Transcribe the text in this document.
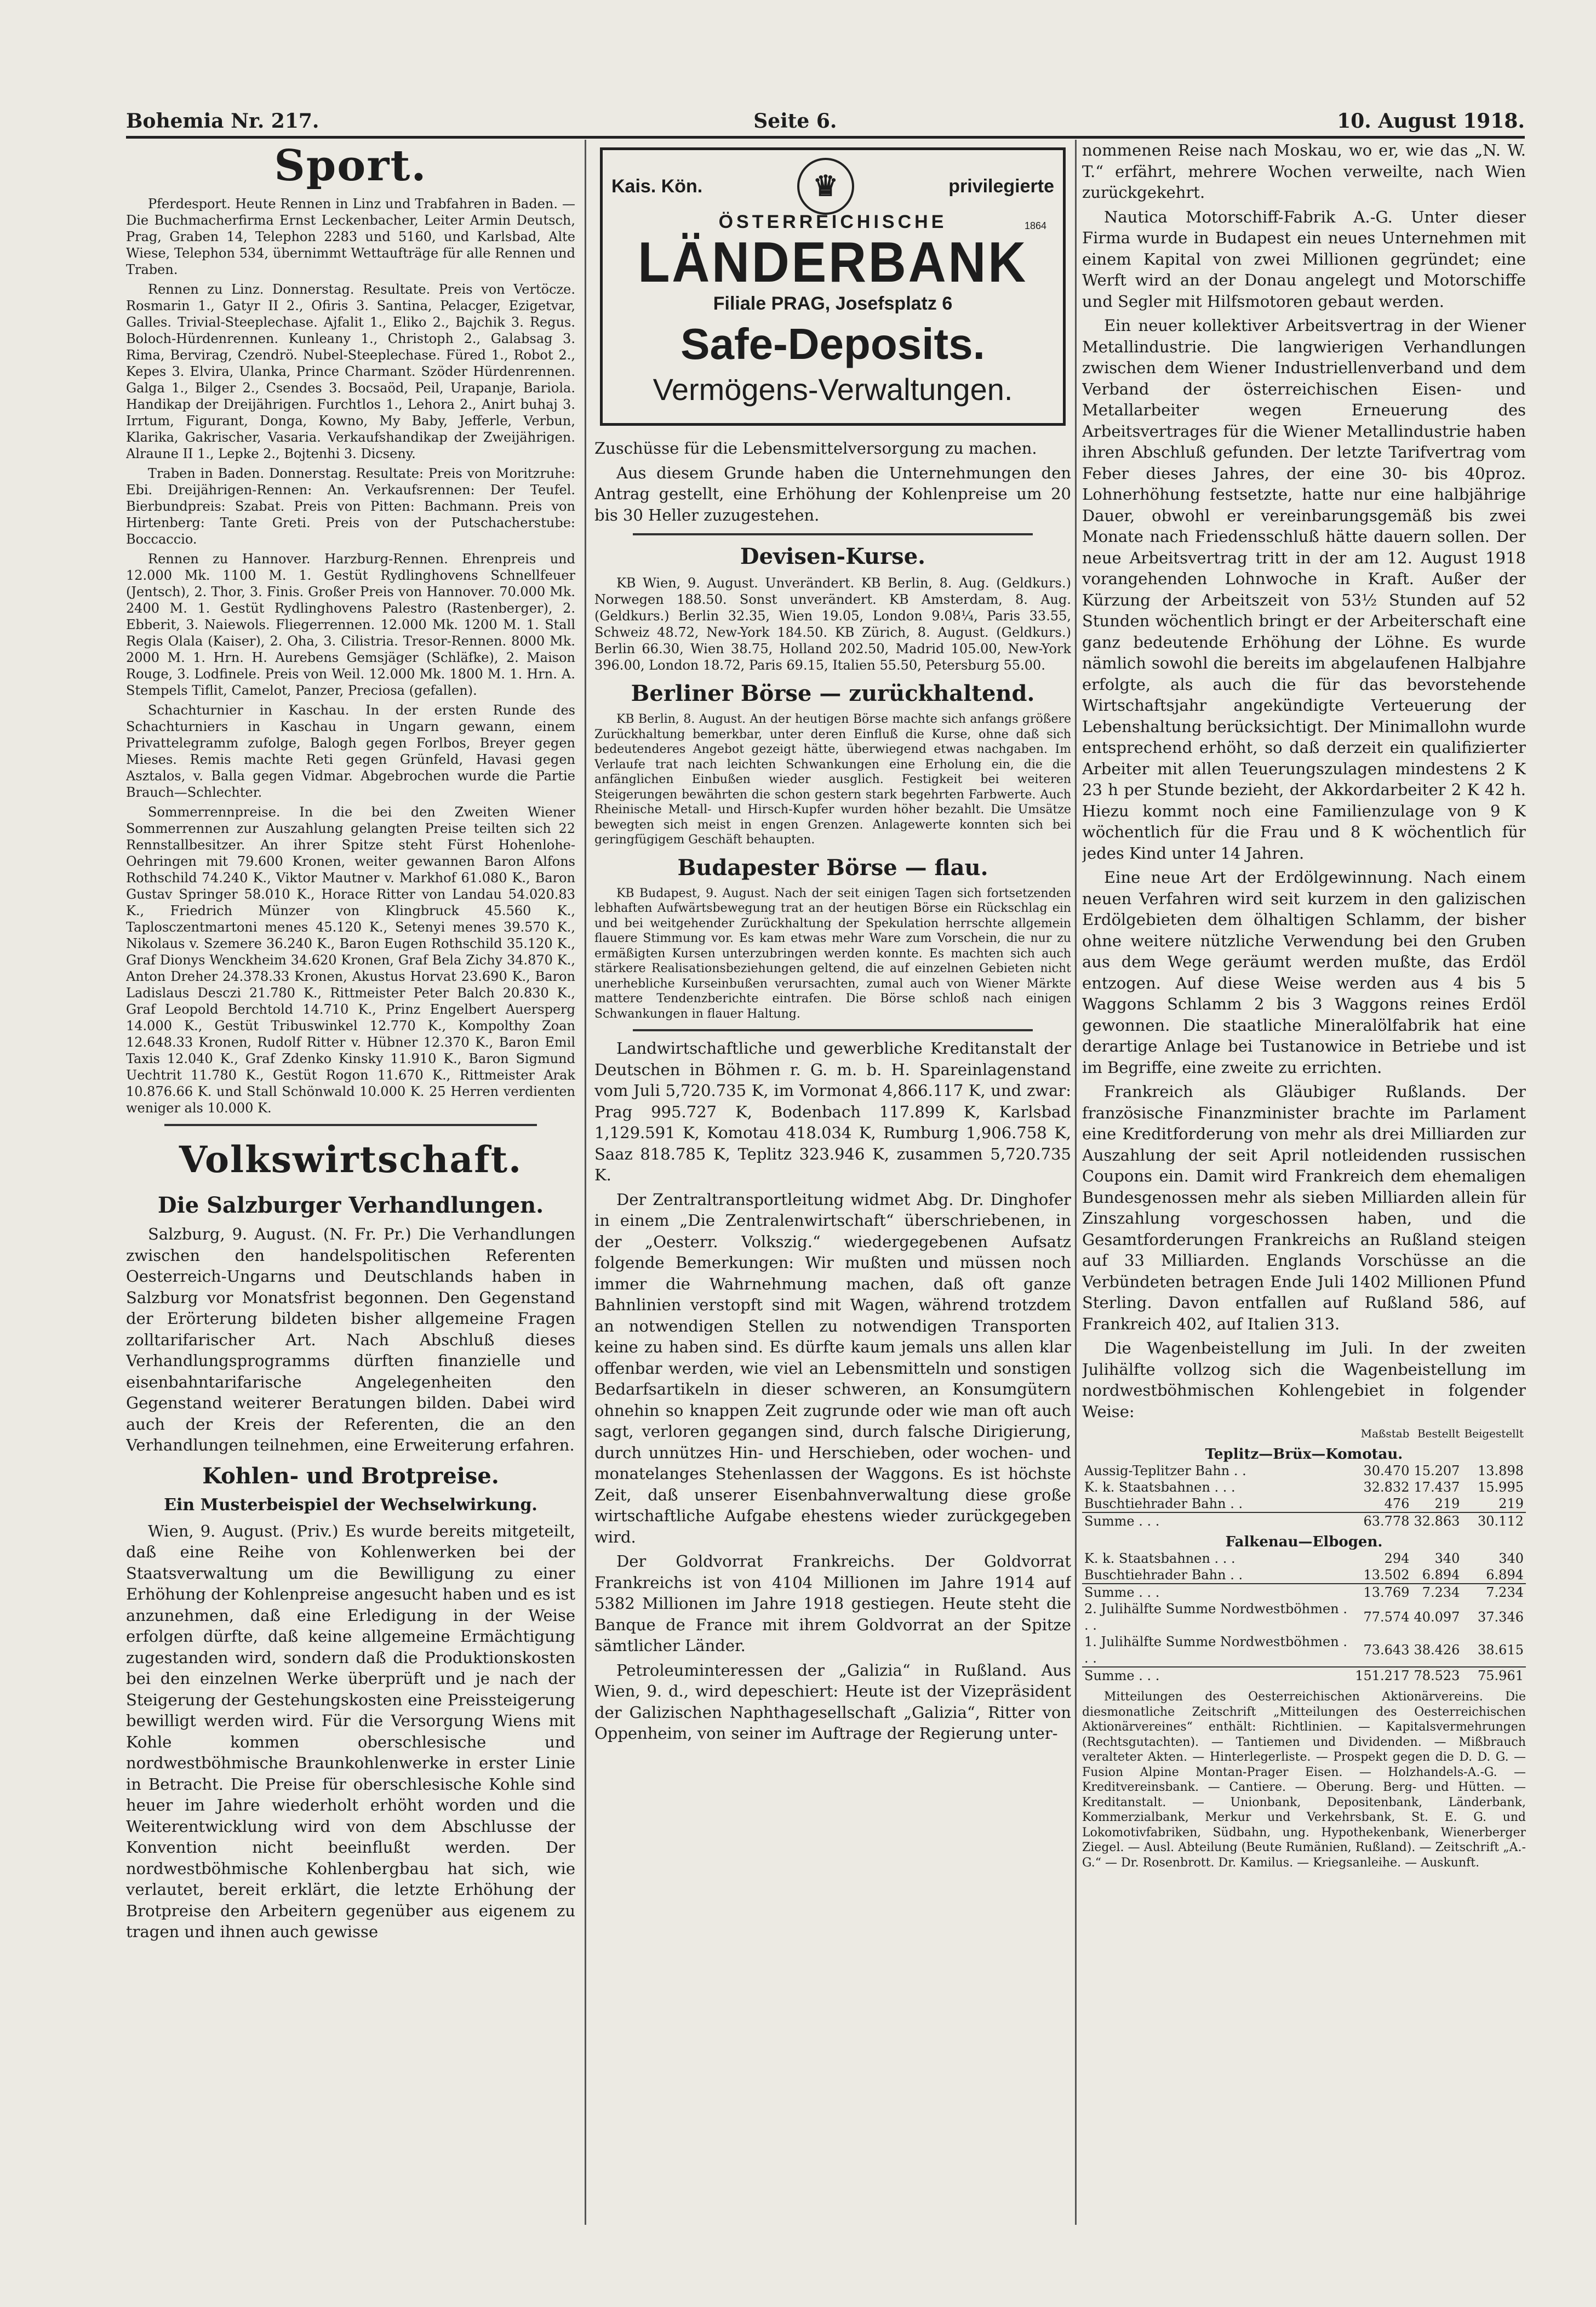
Bohemia Nr. 217.	Seite 6.	10. August 1918.
Sport.

Pferdesport. Heute Rennen in Linz und Trabfahren in Baden. — Die Buchmacherfirma Ernst Leckenbacher, Leiter Armin Deutsch, Prag, Graben 14, Telephon 2283 und 5160, und Karlsbad, Alte Wiese, Telephon 534, übernimmt Wettaufträge für alle Rennen und Traben.

Rennen zu Linz. Donnerstag. Resultate. Preis von Vertöcze. Rosmarin 1., Gatyr II 2., Ofiris 3. Santina, Pelacger, Ezigetvar, Galles. Trivial-Steeplechase. Ajfalit 1., Eliko 2., Bajchik 3. Regus. Boloch-Hürdenrennen. Kunleany 1., Christoph 2., Galabsag 3. Rima, Bervirag, Czendrö. Nubel-Steeplechase. Füred 1., Robot 2., Kepes 3. Elvira, Ulanka, Prince Charmant. Szöder Hürdenrennen. Galga 1., Bilger 2., Csendes 3. Bocsaöd, Peil, Urapanje, Bariola. Handikap der Dreijährigen. Furchtlos 1., Lehora 2., Anirt buhaj 3. Irrtum, Figurant, Donga, Kowno, My Baby, Jefferle, Verbun, Klarika, Gakrischer, Vasaria. Verkaufshandikap der Zweijährigen. Alraune II 1., Lepke 2., Bojtenhi 3. Dicseny.

Traben in Baden. Donnerstag. Resultate: Preis von Moritzruhe: Ebi. Dreijährigen-Rennen: An. Verkaufsrennen: Der Teufel. Bierbundpreis: Szabat. Preis von Pitten: Bachmann. Preis von Hirtenberg: Tante Greti. Preis von der Putschacherstube: Boccaccio.

Rennen zu Hannover. Harzburg-Rennen. Ehrenpreis und 12.000 Mk. 1100 M. 1. Gestüt Rydlinghovens Schnellfeuer (Jentsch), 2. Thor, 3. Finis. Großer Preis von Hannover. 70.000 Mk. 2400 M. 1. Gestüt Rydlinghovens Palestro (Rastenberger), 2. Ebberit, 3. Naiewols. Fliegerrennen. 12.000 Mk. 1200 M. 1. Stall Regis Olala (Kaiser), 2. Oha, 3. Cilistria. Tresor-Rennen. 8000 Mk. 2000 M. 1. Hrn. H. Aurebens Gemsjäger (Schläfke), 2. Maison Rouge, 3. Lodfinele. Preis von Weil. 12.000 Mk. 1800 M. 1. Hrn. A. Stempels Tiflit, Camelot, Panzer, Preciosa (gefallen).

Schachturnier in Kaschau. In der ersten Runde des Schachturniers in Kaschau in Ungarn gewann, einem Privattelegramm zufolge, Balogh gegen Forlbos, Breyer gegen Mieses. Remis machte Reti gegen Grünfeld, Havasi gegen Asztalos, v. Balla gegen Vidmar. Abgebrochen wurde die Partie Brauch—Schlechter.

Sommerrennpreise. In die bei den Zweiten Wiener Sommerrennen zur Auszahlung gelangten Preise teilten sich 22 Rennstallbesitzer. An ihrer Spitze steht Fürst Hohenlohe-Oehringen mit 79.600 Kronen, weiter gewannen Baron Alfons Rothschild 74.240 K., Viktor Mautner v. Markhof 61.080 K., Baron Gustav Springer 58.010 K., Horace Ritter von Landau 54.020.83 K., Friedrich Münzer von Klingbruck 45.560 K., Taplosczentmartoni menes 45.120 K., Setenyi menes 39.570 K., Nikolaus v. Szemere 36.240 K., Baron Eugen Rothschild 35.120 K., Graf Dionys Wenckheim 34.620 Kronen, Graf Bela Zichy 34.870 K., Anton Dreher 24.378.33 Kronen, Akustus Horvat 23.690 K., Baron Ladislaus Desczi 21.780 K., Rittmeister Peter Balch 20.830 K., Graf Leopold Berchtold 14.710 K., Prinz Engelbert Auersperg 14.000 K., Gestüt Tribuswinkel 12.770 K., Kompolthy Zoan 12.648.33 Kronen, Rudolf Ritter v. Hübner 12.370 K., Baron Emil Taxis 12.040 K., Graf Zdenko Kinsky 11.910 K., Baron Sigmund Uechtrit 11.780 K., Gestüt Rogon 11.670 K., Rittmeister Arak 10.876.66 K. und Stall Schönwald 10.000 K. 25 Herren verdienten weniger als 10.000 K.

Volkswirtschaft.
Die Salzburger Verhandlungen.

Salzburg, 9. August. (N. Fr. Pr.) Die Verhandlungen zwischen den handelspolitischen Referenten Oesterreich-Ungarns und Deutschlands haben in Salzburg vor Monatsfrist begonnen. Den Gegenstand der Erörterung bildeten bisher allgemeine Fragen zolltarifarischer Art. Nach Abschluß dieses Verhandlungsprogramms dürften finanzielle und eisenbahntarifarische Angelegenheiten den Gegenstand weiterer Beratungen bilden. Dabei wird auch der Kreis der Referenten, die an den Verhandlungen teilnehmen, eine Erweiterung erfahren.

Kohlen- und Brotpreise.
Ein Musterbeispiel der Wechselwirkung.

Wien, 9. August. (Priv.) Es wurde bereits mitgeteilt, daß eine Reihe von Kohlenwerken bei der Staatsverwaltung um die Bewilligung zu einer Erhöhung der Kohlenpreise angesucht haben und es ist anzunehmen, daß eine Erledigung in der Weise erfolgen dürfte, daß keine allgemeine Ermächtigung zugestanden wird, sondern daß die Produktionskosten bei den einzelnen Werke überprüft und je nach der Steigerung der Gestehungskosten eine Preissteigerung bewilligt werden wird. Für die Versorgung Wiens mit Kohle kommen oberschlesische und nordwestböhmische Braunkohlenwerke in erster Linie in Betracht. Die Preise für oberschlesische Kohle sind heuer im Jahre wiederholt erhöht worden und die Weiterentwicklung wird von dem Abschlusse der Konvention nicht beeinflußt werden. Der nordwestböhmische Kohlenbergbau hat sich, wie verlautet, bereit erklärt, die letzte Erhöhung der Brotpreise den Arbeitern gegenüber aus eigenem zu tragen und ihnen auch gewisse

Kais. Kön.	♛	privilegierte
ÖSTERREICHISCHE	1864
LÄNDERBANK
Filiale PRAG, Josefsplatz 6
Safe-Deposits.
Vermögens-Verwaltungen.

Zuschüsse für die Lebensmittelversorgung zu machen.

Aus diesem Grunde haben die Unternehmungen den Antrag gestellt, eine Erhöhung der Kohlenpreise um 20 bis 30 Heller zuzugestehen.

Devisen-Kurse.

KB Wien, 9. August. Unverändert. KB Berlin, 8. Aug. (Geldkurs.) Norwegen 188.50. Sonst unverändert. KB Amsterdam, 8. Aug. (Geldkurs.) Berlin 32.35, Wien 19.05, London 9.08¼, Paris 33.55, Schweiz 48.72, New-York 184.50. KB Zürich, 8. August. (Geldkurs.) Berlin 66.30, Wien 38.75, Holland 202.50, Madrid 105.00, New-York 396.00, London 18.72, Paris 69.15, Italien 55.50, Petersburg 55.00.

Berliner Börse — zurückhaltend.

KB Berlin, 8. August. An der heutigen Börse machte sich anfangs größere Zurückhaltung bemerkbar, unter deren Einfluß die Kurse, ohne daß sich bedeutenderes Angebot gezeigt hätte, überwiegend etwas nachgaben. Im Verlaufe trat nach leichten Schwankungen eine Erholung ein, die die anfänglichen Einbußen wieder ausglich. Festigkeit bei weiteren Steigerungen bewährten die schon gestern stark begehrten Farbwerte. Auch Rheinische Metall- und Hirsch-Kupfer wurden höher bezahlt. Die Umsätze bewegten sich meist in engen Grenzen. Anlagewerte konnten sich bei geringfügigem Geschäft behaupten.

Budapester Börse — flau.

KB Budapest, 9. August. Nach der seit einigen Tagen sich fortsetzenden lebhaften Aufwärtsbewegung trat an der heutigen Börse ein Rückschlag ein und bei weitgehender Zurückhaltung der Spekulation herrschte allgemein flauere Stimmung vor. Es kam etwas mehr Ware zum Vorschein, die nur zu ermäßigten Kursen unterzubringen werden konnte. Es machten sich auch stärkere Realisationsbeziehungen geltend, die auf einzelnen Gebieten nicht unerhebliche Kurseinbußen verursachten, zumal auch von Wiener Märkte mattere Tendenzberichte eintrafen. Die Börse schloß nach einigen Schwankungen in flauer Haltung.

Landwirtschaftliche und gewerbliche Kreditanstalt der Deutschen in Böhmen r. G. m. b. H. Spareinlagenstand vom Juli 5,720.735 K, im Vormonat 4,866.117 K, und zwar: Prag 995.727 K, Bodenbach 117.899 K, Karlsbad 1,129.591 K, Komotau 418.034 K, Rumburg 1,906.758 K, Saaz 818.785 K, Teplitz 323.946 K, zusammen 5,720.735 K.

Der Zentraltransportleitung widmet Abg. Dr. Dinghofer in einem „Die Zentralenwirtschaft“ überschriebenen, in der „Oesterr. Volkszig.“ wiedergegebenen Aufsatz folgende Bemerkungen: Wir mußten und müssen noch immer die Wahrnehmung machen, daß oft ganze Bahnlinien verstopft sind mit Wagen, während trotzdem an notwendigen Stellen zu notwendigen Transporten keine zu haben sind. Es dürfte kaum jemals uns allen klar offenbar werden, wie viel an Lebensmitteln und sonstigen Bedarfsartikeln in dieser schweren, an Konsumgütern ohnehin so knappen Zeit zugrunde oder wie man oft auch sagt, verloren gegangen sind, durch falsche Dirigierung, durch unnützes Hin- und Herschieben, oder wochen- und monatelanges Stehenlassen der Waggons. Es ist höchste Zeit, daß unserer Eisenbahnverwaltung diese große wirtschaftliche Aufgabe ehestens wieder zurückgegeben wird.

Der Goldvorrat Frankreichs. Der Goldvorrat Frankreichs ist von 4104 Millionen im Jahre 1914 auf 5382 Millionen im Jahre 1918 gestiegen. Heute steht die Banque de France mit ihrem Goldvorrat an der Spitze sämtlicher Länder.

Petroleuminteressen der „Galizia“ in Rußland. Aus Wien, 9. d., wird depeschiert: Heute ist der Vizepräsident der Galizischen Naphthagesellschaft „Galizia“, Ritter von Oppenheim, von seiner im Auftrage der Regierung unter-

nommenen Reise nach Moskau, wo er, wie das „N. W. T.“ erfährt, mehrere Wochen verweilte, nach Wien zurückgekehrt.

Nautica Motorschiff-Fabrik A.-G. Unter dieser Firma wurde in Budapest ein neues Unternehmen mit einem Kapital von zwei Millionen gegründet; eine Werft wird an der Donau angelegt und Motorschiffe und Segler mit Hilfsmotoren gebaut werden.

Ein neuer kollektiver Arbeitsvertrag in der Wiener Metallindustrie. Die langwierigen Verhandlungen zwischen dem Wiener Industriellenverband und dem Verband der österreichischen Eisen- und Metallarbeiter wegen Erneuerung des Arbeitsvertrages für die Wiener Metallindustrie haben ihren Abschluß gefunden. Der letzte Tarifvertrag vom Feber dieses Jahres, der eine 30- bis 40proz. Lohnerhöhung festsetzte, hatte nur eine halbjährige Dauer, obwohl er vereinbarungsgemäß bis zwei Monate nach Friedensschluß hätte dauern sollen. Der neue Arbeitsvertrag tritt in der am 12. August 1918 vorangehenden Lohnwoche in Kraft. Außer der Kürzung der Arbeitszeit von 53½ Stunden auf 52 Stunden wöchentlich bringt er der Arbeiterschaft eine ganz bedeutende Erhöhung der Löhne. Es wurde nämlich sowohl die bereits im abgelaufenen Halbjahre erfolgte, als auch die für das bevorstehende Wirtschaftsjahr angekündigte Verteuerung der Lebenshaltung berücksichtigt. Der Minimallohn wurde entsprechend erhöht, so daß derzeit ein qualifizierter Arbeiter mit allen Teuerungszulagen mindestens 2 K 23 h per Stunde bezieht, der Akkordarbeiter 2 K 42 h. Hiezu kommt noch eine Familienzulage von 9 K wöchentlich für die Frau und 8 K wöchentlich für jedes Kind unter 14 Jahren.

Eine neue Art der Erdölgewinnung. Nach einem neuen Verfahren wird seit kurzem in den galizischen Erdölgebieten dem ölhaltigen Schlamm, der bisher ohne weitere nützliche Verwendung bei den Gruben aus dem Wege geräumt werden mußte, das Erdöl entzogen. Auf diese Weise werden aus 4 bis 5 Waggons Schlamm 2 bis 3 Waggons reines Erdöl gewonnen. Die staatliche Mineralölfabrik hat eine derartige Anlage bei Tustanowice in Betriebe und ist im Begriffe, eine zweite zu errichten.

Frankreich als Gläubiger Rußlands. Der französische Finanzminister brachte im Parlament eine Kreditforderung von mehr als drei Milliarden zur Auszahlung der seit April notleidenden russischen Coupons ein. Damit wird Frankreich dem ehemaligen Bundesgenossen mehr als sieben Milliarden allein für Zinszahlung vorgeschossen haben, und die Gesamtforderungen Frankreichs an Rußland steigen auf 33 Milliarden. Englands Vorschüsse an die Verbündeten betragen Ende Juli 1402 Millionen Pfund Sterling. Davon entfallen auf Rußland 586, auf Frankreich 402, auf Italien 313.

Die Wagenbeistellung im Juli. In der zweiten Julihälfte vollzog sich die Wagenbeistellung im nordwestböhmischen Kohlengebiet in folgender Weise:

	Maßstab	Bestellt	Beigestellt
Teplitz—Brüx—Komotau.			
Aussig-Teplitzer Bahn . .	30.470	15.207	13.898
K. k. Staatsbahnen . . .	32.832	17.437	15.995
Buschtiehrader Bahn . .	476	219	219
Summe . . .	63.778	32.863	30.112
Falkenau—Elbogen.			
K. k. Staatsbahnen . . .	294	340	340
Buschtiehrader Bahn . .	13.502	6.894	6.894
Summe . . .	13.769	7.234	7.234
2. Julihälfte Summe Nordwestböhmen . . .	77.574	40.097	37.346
1. Julihälfte Summe Nordwestböhmen . . .	73.643	38.426	38.615
Summe . . .	151.217	78.523	75.961

Mitteilungen des Oesterreichischen Aktionärvereins. Die diesmonatliche Zeitschrift „Mitteilungen des Oesterreichischen Aktionärvereines“ enthält: Richtlinien. — Kapitalsvermehrungen (Rechtsgutachten). — Tantiemen und Dividenden. — Mißbrauch veralteter Akten. — Hinterlegerliste. — Prospekt gegen die D. D. G. — Fusion Alpine Montan-Prager Eisen. — Holzhandels-A.-G. — Kreditvereinsbank. — Cantiere. — Oberung. Berg- und Hütten. — Kreditanstalt. — Unionbank, Depositenbank, Länderbank, Kommerzialbank, Merkur und Verkehrsbank, St. E. G. und Lokomotivfabriken, Südbahn, ung. Hypothekenbank, Wienerberger Ziegel. — Ausl. Abteilung (Beute Rumänien, Rußland). — Zeitschrift „A.-G.“ — Dr. Rosenbrott. Dr. Kamilus. — Kriegsanleihe. — Auskunft.
